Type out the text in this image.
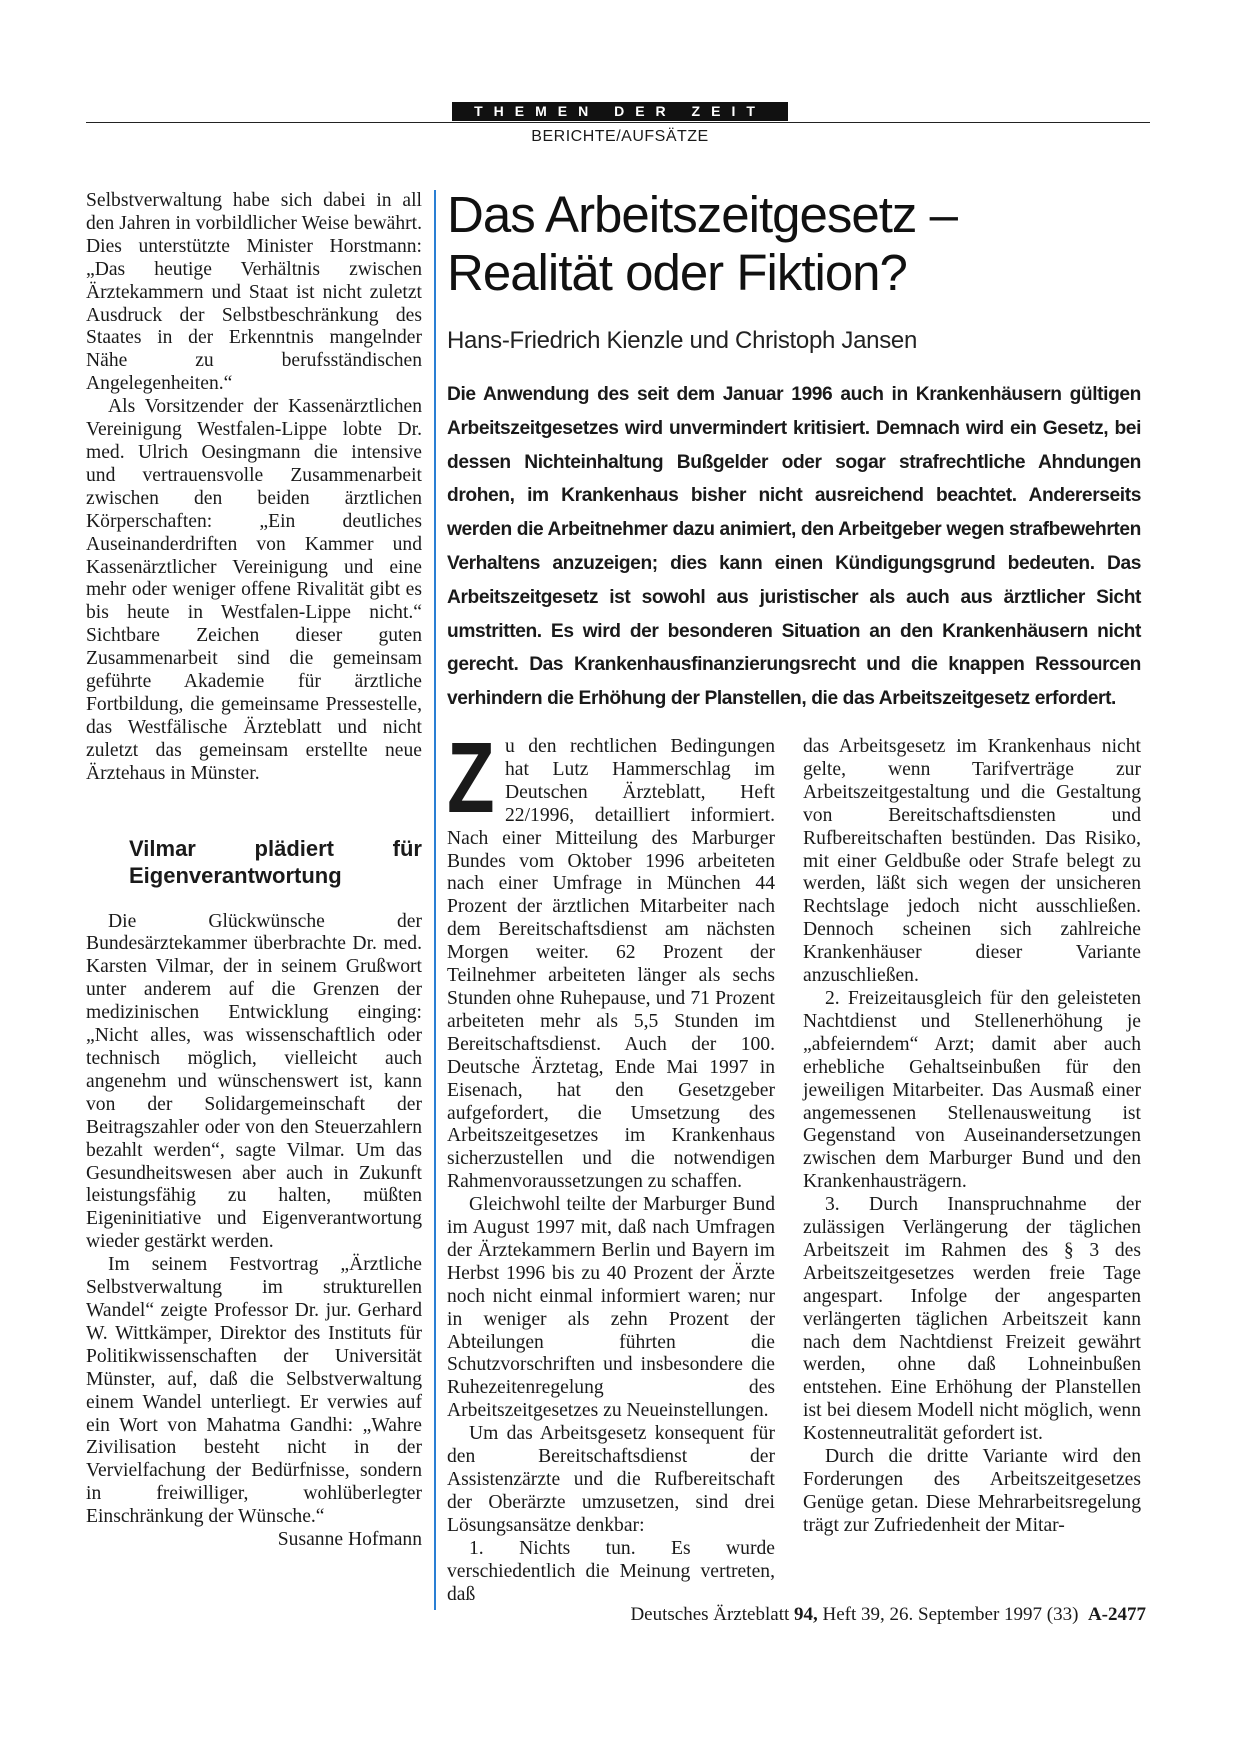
THEMEN DER ZEIT
BERICHTE/AUFSÄTZE

Selbstverwaltung habe sich dabei in all den Jahren in vorbildlicher Weise bewährt. Dies unterstützte Minister Horstmann: „Das heutige Verhältnis zwischen Ärztekammern und Staat ist nicht zuletzt Ausdruck der Selbstbeschränkung des Staates in der Erkenntnis mangelnder Nähe zu berufsständischen Angelegenheiten.“

Als Vorsitzender der Kassenärztlichen Vereinigung Westfalen-Lippe lobte Dr. med. Ulrich Oesingmann die intensive und vertrauensvolle Zusammenarbeit zwischen den beiden ärztlichen Körperschaften: „Ein deutliches Auseinanderdriften von Kammer und Kassenärztlicher Vereinigung und eine mehr oder weniger offene Rivalität gibt es bis heute in Westfalen-Lippe nicht.“ Sichtbare Zeichen dieser guten Zusammenarbeit sind die gemeinsam geführte Akademie für ärztliche Fortbildung, die gemeinsame Pressestelle, das Westfälische Ärzteblatt und nicht zuletzt das gemeinsam erstellte neue Ärztehaus in Münster.

Vilmar plädiert für Eigenverantwortung

Die Glückwünsche der Bundesärztekammer überbrachte Dr. med. Karsten Vilmar, der in seinem Grußwort unter anderem auf die Grenzen der medizinischen Entwicklung einging: „Nicht alles, was wissenschaftlich oder technisch möglich, vielleicht auch angenehm und wünschenswert ist, kann von der Solidargemeinschaft der Beitragszahler oder von den Steuerzahlern bezahlt werden“, sagte Vilmar. Um das Gesundheitswesen aber auch in Zukunft leistungsfähig zu halten, müßten Eigeninitiative und Eigenverantwortung wieder gestärkt werden.

Im seinem Festvortrag „Ärztliche Selbstverwaltung im strukturellen Wandel“ zeigte Professor Dr. jur. Gerhard W. Wittkämper, Direktor des Instituts für Politikwissenschaften der Universität Münster, auf, daß die Selbstverwaltung einem Wandel unterliegt. Er verwies auf ein Wort von Mahatma Gandhi: „Wahre Zivilisation besteht nicht in der Vervielfachung der Bedürfnisse, sondern in freiwilliger, wohlüberlegter Einschränkung der Wünsche.“
Susanne Hofmann

Das Arbeitszeitgesetz –
Realität oder Fiktion?
Hans-Friedrich Kienzle und Christoph Jansen
Die Anwendung des seit dem Januar 1996 auch in Krankenhäusern gültigen Arbeitszeitgesetzes wird unvermindert kritisiert. Demnach wird ein Gesetz, bei dessen Nichteinhaltung Bußgelder oder sogar strafrechtliche Ahndungen drohen, im Krankenhaus bisher nicht ausreichend beachtet. Andererseits werden die Arbeitnehmer dazu animiert, den Arbeitgeber wegen strafbewehrten Verhaltens anzuzeigen; dies kann einen Kündigungsgrund bedeuten. Das Arbeitszeitgesetz ist sowohl aus juristischer als auch aus ärztlicher Sicht umstritten. Es wird der besonderen Situation an den Krankenhäusern nicht gerecht. Das Krankenhausfinanzierungsrecht und die knappen Ressourcen verhindern die Erhöhung der Planstellen, die das Arbeitszeitgesetz erfordert.

Zu den rechtlichen Bedingungen hat Lutz Hammerschlag im Deutschen Ärzteblatt, Heft 22/1996, detailliert informiert. Nach einer Mitteilung des Marburger Bundes vom Oktober 1996 arbeiteten nach einer Umfrage in München 44 Prozent der ärztlichen Mitarbeiter nach dem Bereitschaftsdienst am nächsten Morgen weiter. 62 Prozent der Teilnehmer arbeiteten länger als sechs Stunden ohne Ruhepause, und 71 Prozent arbeiteten mehr als 5,5 Stunden im Bereitschaftsdienst. Auch der 100. Deutsche Ärztetag, Ende Mai 1997 in Eisenach, hat den Gesetzgeber aufgefordert, die Umsetzung des Arbeitszeitgesetzes im Krankenhaus sicherzustellen und die notwendigen Rahmenvoraussetzungen zu schaffen.

Gleichwohl teilte der Marburger Bund im August 1997 mit, daß nach Umfragen der Ärztekammern Berlin und Bayern im Herbst 1996 bis zu 40 Prozent der Ärzte noch nicht einmal informiert waren; nur in weniger als zehn Prozent der Abteilungen führten die Schutzvorschriften und insbesondere die Ruhezeitenregelung des Arbeitszeitgesetzes zu Neueinstellungen.

Um das Arbeitsgesetz konsequent für den Bereitschaftsdienst der Assistenzärzte und die Rufbereitschaft der Oberärzte umzusetzen, sind drei Lösungsansätze denkbar:

1. Nichts tun. Es wurde verschiedentlich die Meinung vertreten, daß

das Arbeitsgesetz im Krankenhaus nicht gelte, wenn Tarifverträge zur Arbeitszeitgestaltung und die Gestaltung von Bereitschaftsdiensten und Rufbereitschaften bestünden. Das Risiko, mit einer Geldbuße oder Strafe belegt zu werden, läßt sich wegen der unsicheren Rechtslage jedoch nicht ausschließen. Dennoch scheinen sich zahlreiche Krankenhäuser dieser Variante anzuschließen.

2. Freizeitausgleich für den geleisteten Nachtdienst und Stellenerhöhung je „abfeierndem“ Arzt; damit aber auch erhebliche Gehaltseinbußen für den jeweiligen Mitarbeiter. Das Ausmaß einer angemessenen Stellenausweitung ist Gegenstand von Auseinandersetzungen zwischen dem Marburger Bund und den Krankenhausträgern.

3. Durch Inanspruchnahme der zulässigen Verlängerung der täglichen Arbeitszeit im Rahmen des § 3 des Arbeitszeitgesetzes werden freie Tage angespart. Infolge der angesparten verlängerten täglichen Arbeitszeit kann nach dem Nachtdienst Freizeit gewährt werden, ohne daß Lohneinbußen entstehen. Eine Erhöhung der Planstellen ist bei diesem Modell nicht möglich, wenn Kostenneutralität gefordert ist.

Durch die dritte Variante wird den Forderungen des Arbeitszeitgesetzes Genüge getan. Diese Mehrarbeitsregelung trägt zur Zufriedenheit der Mitar-

Deutsches Ärzteblatt 94, Heft 39, 26. September 1997 (33) A-2477
